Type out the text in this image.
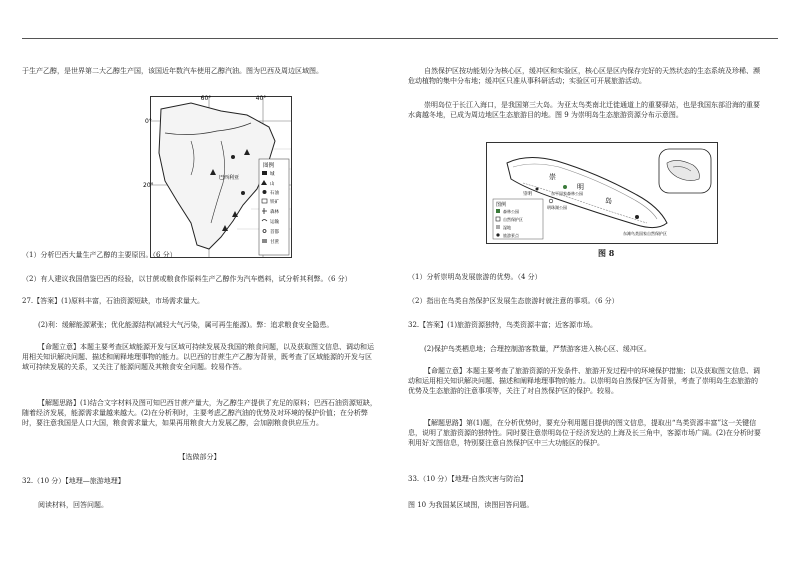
于生产乙醇，是世界第二大乙醇生产国，该国近年数汽车使用乙醇汽油。图为巴西及周边区域图。

60°	40°
0°
20°
巴西利亚
图例
城
山
石油
铁矿
森林
运输
首都
甘蔗

（1）分析巴西大量生产乙醇的主要原因。（6 分）

（2）有人建议我国借鉴巴西的经验，以甘蔗或粮食作原料生产乙醇作为汽车燃料，试分析其利弊。（6 分）

27.【答案】(1)原料丰富，石油资源短缺，市场需求量大。

(2)利：缓解能源紧张；优化能源结构(减轻大气污染，属可再生能源)。弊：追求粮食安全隐患。

【命题立意】本题主要考查区域能源开发与区域可持续发展及我国的粮食问题，以及获取图文信息、调动和运用相关知识解决问题、描述和阐释地理事物的能力。以巴西的甘蔗生产乙醇为背景，既考查了区域能源的开发与区域可持续发展的关系，又关注了能源问题及其粮食安全问题。较易作答。

【解题思路】(1)结合文字材料及图可知巴西甘蔗产量大，为乙醇生产提供了充足的原料；巴西石油资源短缺，随着经济发展，能源需求量越来越大。(2)在分析利时，主要考虑乙醇汽油的优势及对环境的保护价值；在分析弊时，要注意我国是人口大国，粮食需求量大，如果再用粮食大力发展乙醇，会加剧粮食供应压力。

【选做部分】

32.（10 分）【地理—旅游地理】

阅读材料，回答问题。

自然保护区按功能划分为核心区，缓冲区和实验区，核心区是区内保存完好的天然状态的生态系统及珍稀、濒危动植物的集中分布地；缓冲区只准从事科研活动；实验区可开展旅游活动。

崇明岛位于长江入海口，是我国第三大岛。为亚太鸟类南北迁徙通道上的重要驿站，也是我国东部沿海的重要水禽越冬地，已成为周边地区生态旅游目的地。图 9 为崇明岛生态旅游资源分布示意图。

崇
明
岛
崇明	东平国家森林公园
东滩鸟类国家自然保护区
明珠湖公园
图例
森林公园
自然保护区
湿地
旅游景点
图 8

（1）分析崇明岛发展旅游的优势。（4 分）

（2）指出在鸟类自然保护区发展生态旅游时就注意的事项。（6 分）

32.【答案】(1)旅游资源独特，鸟类资源丰富；近客源市场。

(2)保护鸟类栖息地；合理控制游客数量，严禁游客进入核心区、缓冲区。

【命题立意】本题主要考查了旅游资源的开发条件、旅游开发过程中的环境保护措施；以及获取图文信息、调动和运用相关知识解决问题、描述和阐释地理事物的能力。以崇明岛自然保护区为背景，考查了崇明岛生态旅游的优势及生态旅游的注意事项等，关注了对自然保护区的保护。较易。

【解题思路】第(1)题，在分析优势时，要充分利用题目提供的图文信息，提取出“鸟类资源丰富”这一关键信息，说明了旅游资源的独特性。同时要注意崇明岛位于经济发达的上海及长三角中，客源市场广阔。(2)在分析时要利用好文图信息，特别要注意自然保护区中三大功能区的保护。

33.（10 分）【地理-自然灾害与防治】

图 10 为我国某区域图，读图回答问题。
